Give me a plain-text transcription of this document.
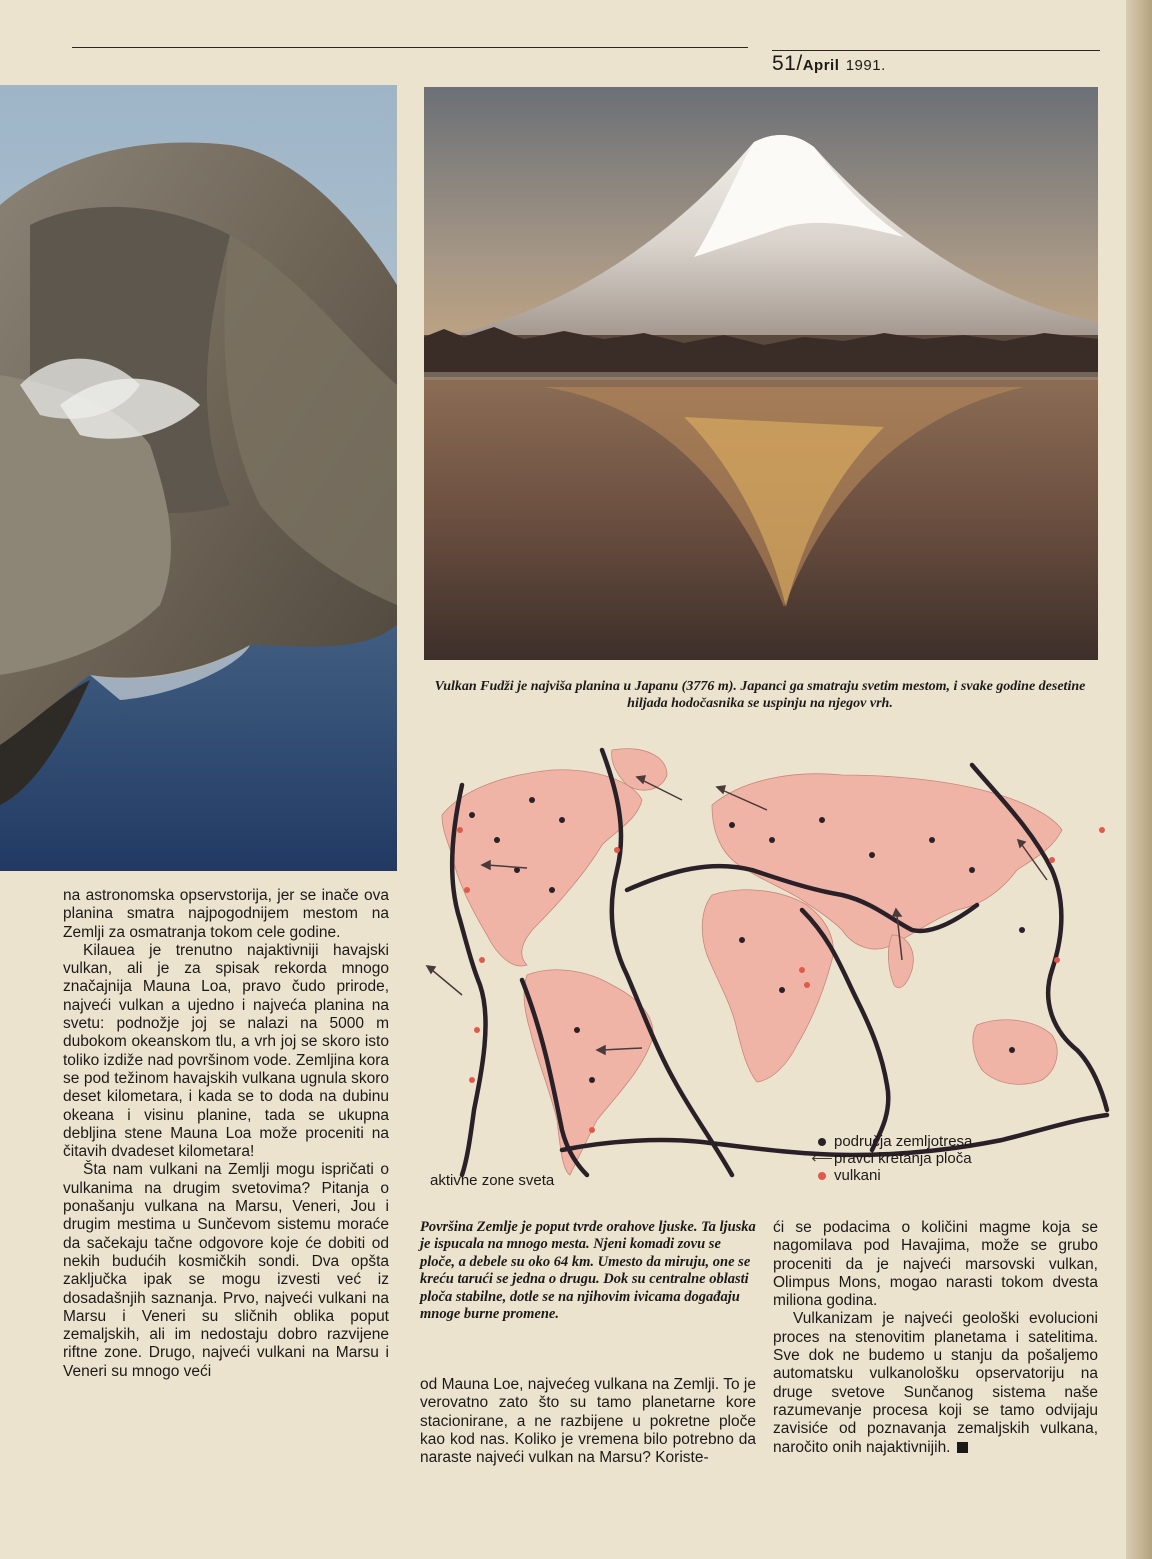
51/April 1991.
Vulkan Fudži je najviša planina u Japanu (3776 m). Japanci ga smatraju svetim mestom, i svake godine desetine hiljada hodočasnika se uspinju na njegov vrh.
područja zemljotresa
⟵ pravci kretanja ploča
vulkani
aktivne zone sveta

na astronomska opservstorija, jer se inače ova planina smatra najpogodnijem mestom na Zemlji za osmatranja tokom cele godine.

Kilauea je trenutno najaktivniji havajski vulkan, ali je za spisak rekorda mnogo značajnija Mauna Loa, pravo čudo prirode, najveći vulkan a ujedno i najveća planina na svetu: podnožje joj se nalazi na 5000 m dubokom okeanskom tlu, a vrh joj se skoro isto toliko izdiže nad površinom vode. Zemljina kora se pod težinom havajskih vulkana ugnula skoro deset kilometara, i kada se to doda na dubinu okeana i visinu planine, tada se ukupna debljina stene Mauna Loa može proceniti na čitavih dvadeset kilometara!

Šta nam vulkani na Zemlji mogu ispričati o vulkanima na drugim svetovima? Pitanja o ponašanju vulkana na Marsu, Veneri, Jou i drugim mestima u Sunčevom sistemu moraće da sačekaju tačne odgovore koje će dobiti od nekih budućih kosmičkih sondi. Dva opšta zaključka ipak se mogu izvesti već iz dosadašnjih saznanja. Prvo, najveći vulkani na Marsu i Veneri su sličnih oblika poput zemaljskih, ali im nedostaju dobro razvijene riftne zone. Drugo, najveći vulkani na Marsu i Veneri su mnogo veći

Površina Zemlje je poput tvrde orahove ljuske. Ta ljuska je ispucala na mnogo mesta. Njeni komadi zovu se ploče, a debele su oko 64 km. Umesto da miruju, one se kreću tarući se jedna o drugu. Dok su centralne oblasti ploča stabilne, dotle se na njihovim ivicama događaju mnoge burne promene.

od Mauna Loe, najvećeg vulkana na Zemlji. To je verovatno zato što su tamo planetarne kore stacionirane, a ne razbijene u pokretne ploče kao kod nas. Koliko je vremena bilo potrebno da naraste najveći vulkan na Marsu? Koriste-

ći se podacima o količini magme koja se nagomilava pod Havajima, može se grubo proceniti da je najveći marsovski vulkan, Olimpus Mons, mogao narasti tokom dvesta miliona godina.

Vulkanizam je najveći geološki evolucioni proces na stenovitim planetama i satelitima. Sve dok ne budemo u stanju da pošaljemo automatsku vulkanološku opservatoriju na druge svetove Sunčanog sistema naše razumevanje procesa koji se tamo odvijaju zavisiće od poznavanja zemaljskih vulkana, naročito onih najaktivnijih.
